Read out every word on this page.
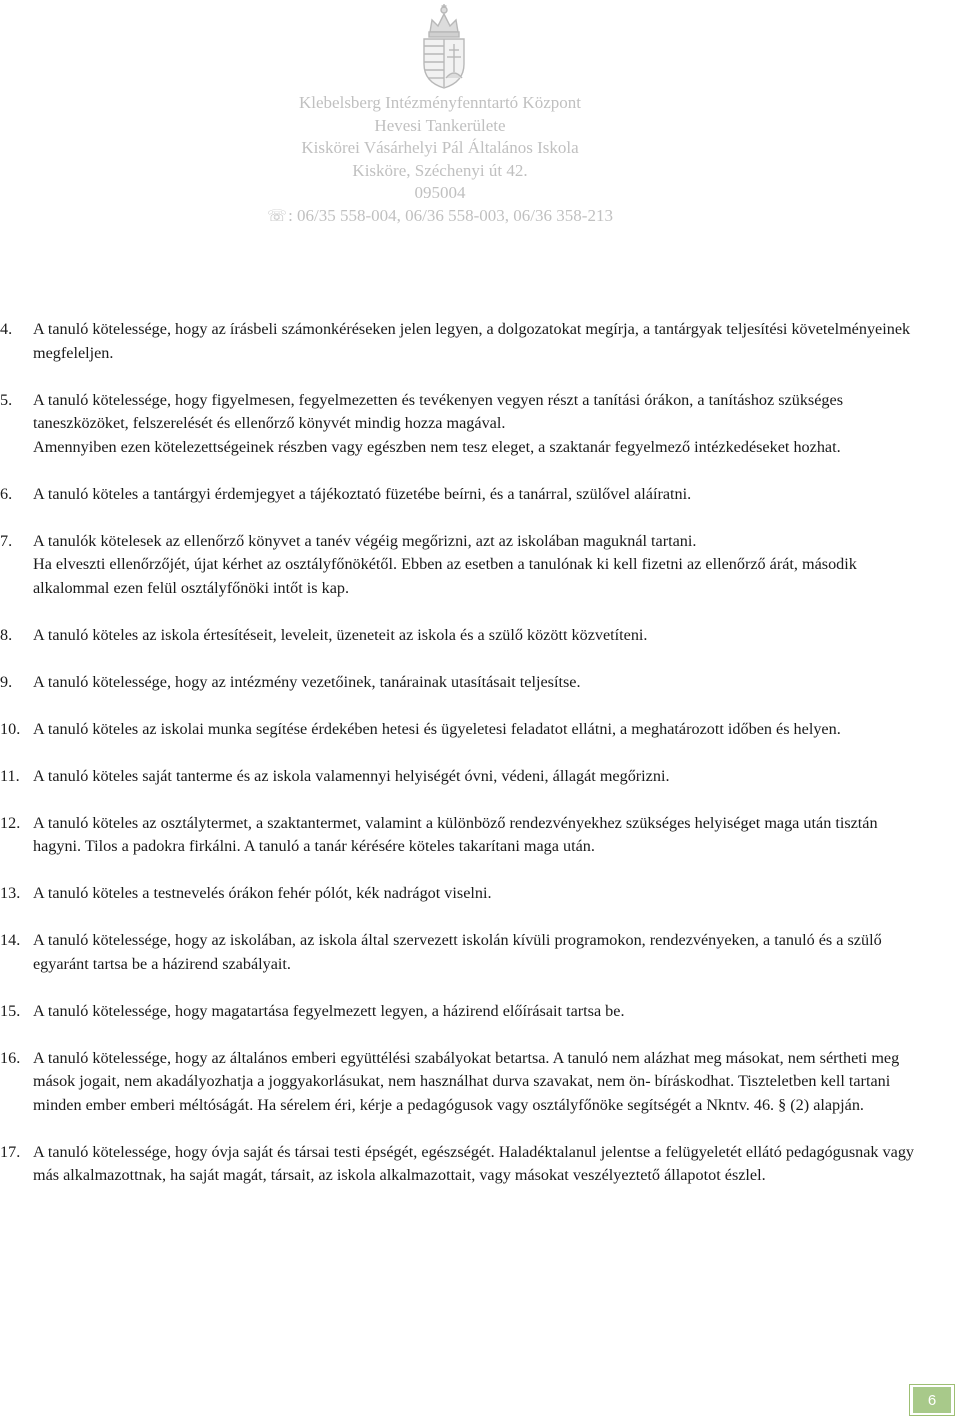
Klebelsberg Intézményfenntartó Központ
Hevesi Tankerülete
Kiskörei Vásárhelyi Pál Általános Iskola
Kisköre, Széchenyi út 42.
095004
☏: 06/35 558-004, 06/36 558-003, 06/36 358-213
4. A tanuló kötelessége, hogy az írásbeli számonkéréseken jelen legyen, a dolgozatokat megírja, a tantárgyak teljesítési követelményeinek megfeleljen.

5. A tanuló kötelessége, hogy figyelmesen, fegyelmezetten és tevékenyen vegyen részt a tanítási órákon, a tanításhoz szükséges taneszközöket, felszerelését és ellenőrző könyvét mindig hozza magával.

Amennyiben ezen kötelezettségeinek részben vagy egészben nem tesz eleget, a szaktanár fegyelmező intézkedéseket hozhat.

6. A tanuló köteles a tantárgyi érdemjegyet a tájékoztató füzetébe beírni, és a tanárral, szülővel aláíratni.

7. A tanulók kötelesek az ellenőrző könyvet a tanév végéig megőrizni, azt az iskolában maguknál tartani.

Ha elveszti ellenőrzőjét, újat kérhet az osztályfőnökétől. Ebben az esetben a tanulónak ki kell fizetni az ellenőrző árát, második alkalommal ezen felül osztályfőnöki intőt is kap.

8. A tanuló köteles az iskola értesítéseit, leveleit, üzeneteit az iskola és a szülő között közvetíteni.

9. A tanuló kötelessége, hogy az intézmény vezetőinek, tanárainak utasításait teljesítse.

10. A tanuló köteles az iskolai munka segítése érdekében hetesi és ügyeletesi feladatot ellátni, a meghatározott időben és helyen.

11. A tanuló köteles saját tanterme és az iskola valamennyi helyiségét óvni, védeni, állagát megőrizni.

12. A tanuló köteles az osztálytermet, a szaktantermet, valamint a különböző rendezvényekhez szükséges helyiséget maga után tisztán hagyni. Tilos a padokra firkálni. A tanuló a tanár kérésére köteles takarítani maga után.

13. A tanuló köteles a testnevelés órákon fehér pólót, kék nadrágot viselni.

14. A tanuló kötelessége, hogy az iskolában, az iskola által szervezett iskolán kívüli programokon, rendezvényeken, a tanuló és a szülő egyaránt tartsa be a házirend szabályait.

15. A tanuló kötelessége, hogy magatartása fegyelmezett legyen, a házirend előírásait tartsa be.

16. A tanuló kötelessége, hogy az általános emberi együttélési szabályokat betartsa. A tanuló nem alázhat meg másokat, nem sértheti meg mások jogait, nem akadályozhatja a joggyakorlásukat, nem használhat durva szavakat, nem ön- bíráskodhat. Tiszteletben kell tartani minden ember emberi méltóságát. Ha sérelem éri, kérje a pedagógusok vagy osztályfőnöke segítségét a Nkntv. 46. § (2) alapján.

17. A tanuló kötelessége, hogy óvja saját és társai testi épségét, egészségét. Haladéktalanul jelentse a felügyeletét ellátó pedagógusnak vagy más alkalmazottnak, ha saját magát, társait, az iskola alkalmazottait, vagy másokat veszélyeztető állapotot észlel.

6
